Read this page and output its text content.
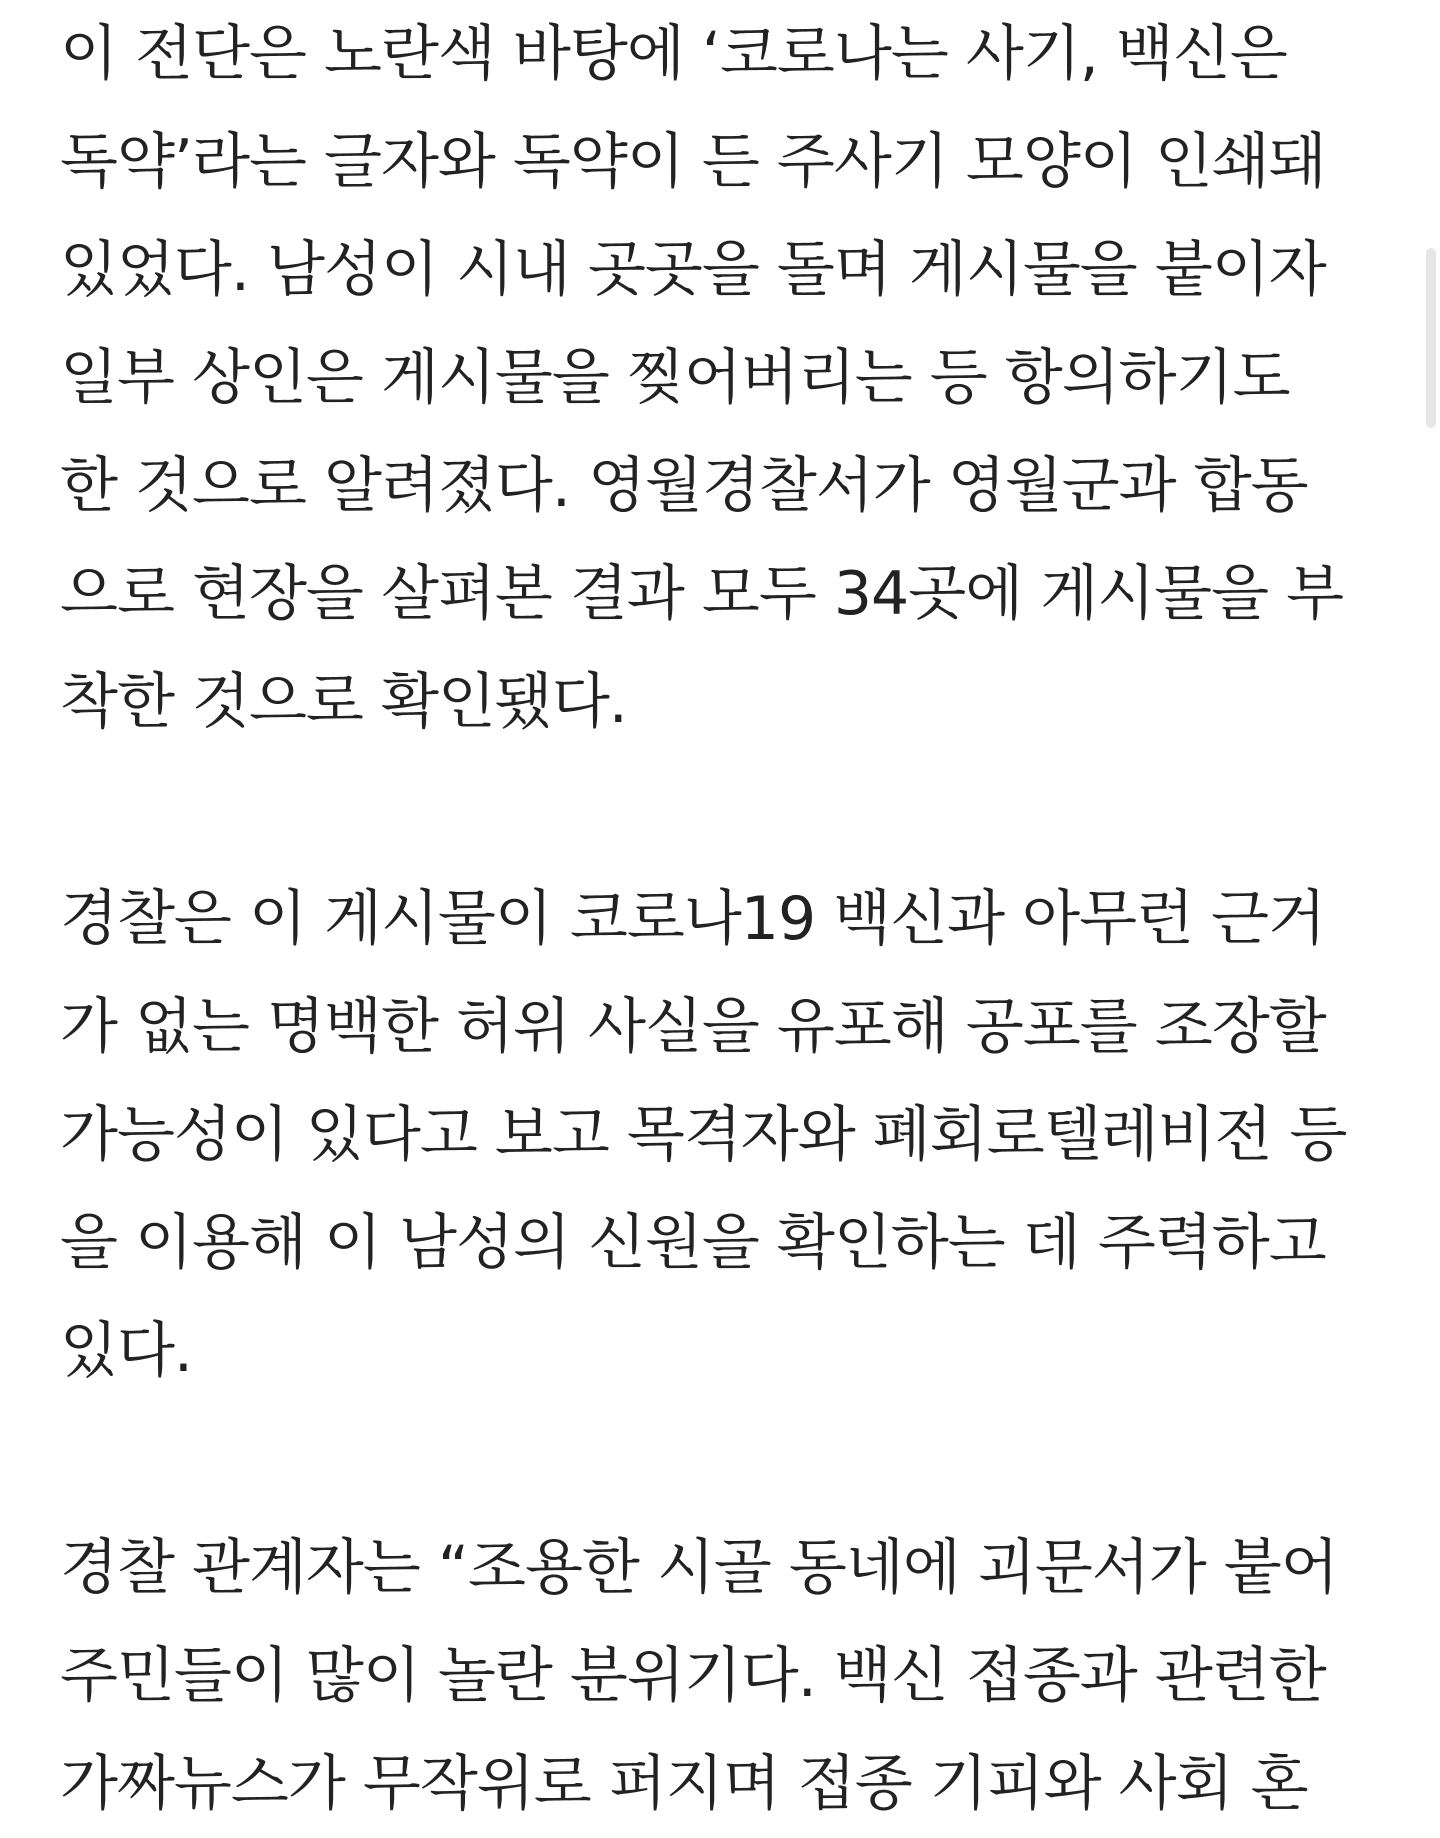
이 전단은 노란색 바탕에 ‘코로나는 사기, 백신은
독약’라는 글자와 독약이 든 주사기 모양이 인쇄돼
있었다. 남성이 시내 곳곳을 돌며 게시물을 붙이자
일부 상인은 게시물을 찢어버리는 등 항의하기도
한 것으로 알려졌다. 영월경찰서가 영월군과 합동
으로 현장을 살펴본 결과 모두 34곳에 게시물을 부
착한 것으로 확인됐다.

경찰은 이 게시물이 코로나19 백신과 아무런 근거
가 없는 명백한 허위 사실을 유포해 공포를 조장할
가능성이 있다고 보고 목격자와 폐회로텔레비전 등
을 이용해 이 남성의 신원을 확인하는 데 주력하고
있다.

경찰 관계자는 “조용한 시골 동네에 괴문서가 붙어
주민들이 많이 놀란 분위기다. 백신 접종과 관련한
가짜뉴스가 무작위로 퍼지며 접종 기피와 사회 혼
